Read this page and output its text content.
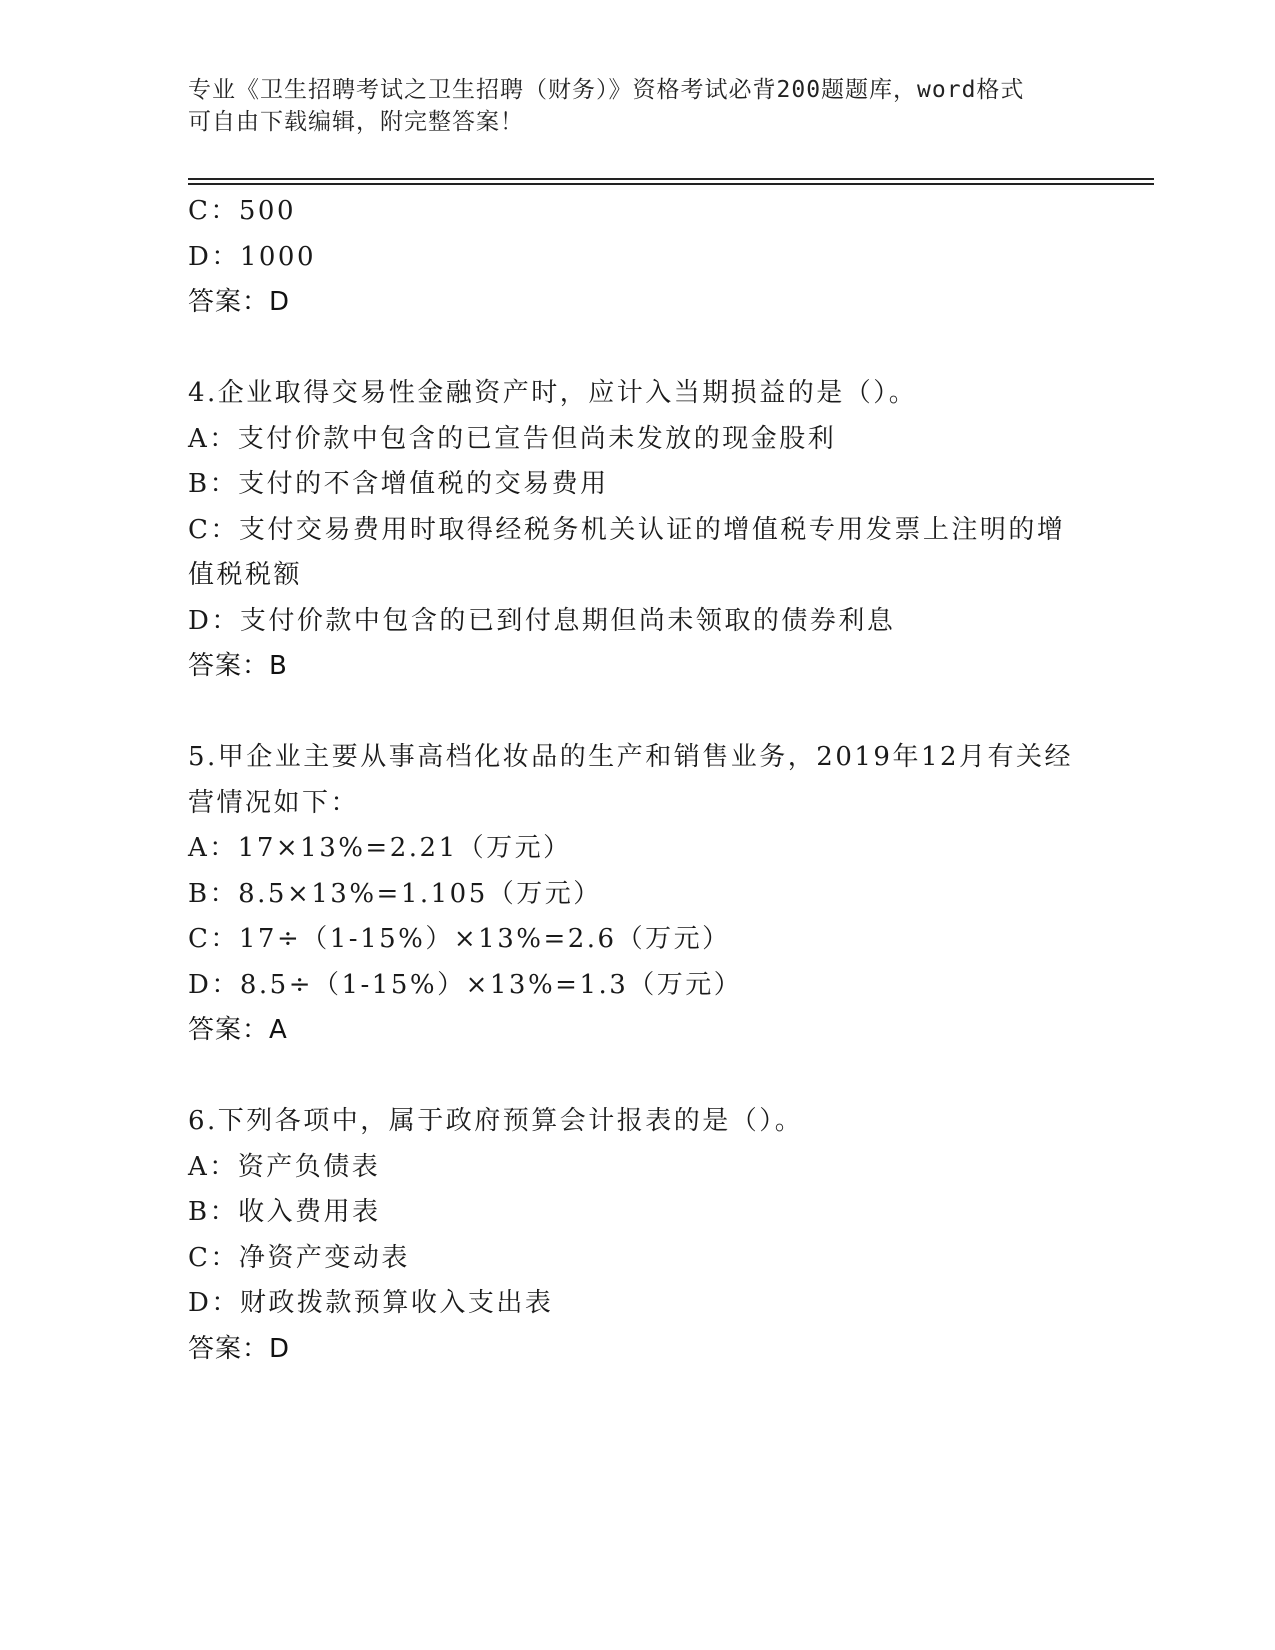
专业《卫生招聘考试之卫生招聘（财务）》资格考试必背200题题库，word格式
可自由下载编辑，附完整答案！
C：500
D：1000
答案：D
4.企业取得交易性金融资产时，应计入当期损益的是（）。
A：支付价款中包含的已宣告但尚未发放的现金股利
B：支付的不含增值税的交易费用
C：支付交易费用时取得经税务机关认证的增值税专用发票上注明的增
值税税额
D：支付价款中包含的已到付息期但尚未领取的债券利息
答案：B
5.甲企业主要从事高档化妆品的生产和销售业务，2019年12月有关经
营情况如下：
A：17×13%=2.21（万元）
B：8.5×13%=1.105（万元）
C：17÷（1-15%）×13%=2.6（万元）
D：8.5÷（1-15%）×13%=1.3（万元）
答案：A
6.下列各项中，属于政府预算会计报表的是（）。
A：资产负债表
B：收入费用表
C：净资产变动表
D：财政拨款预算收入支出表
答案：D
